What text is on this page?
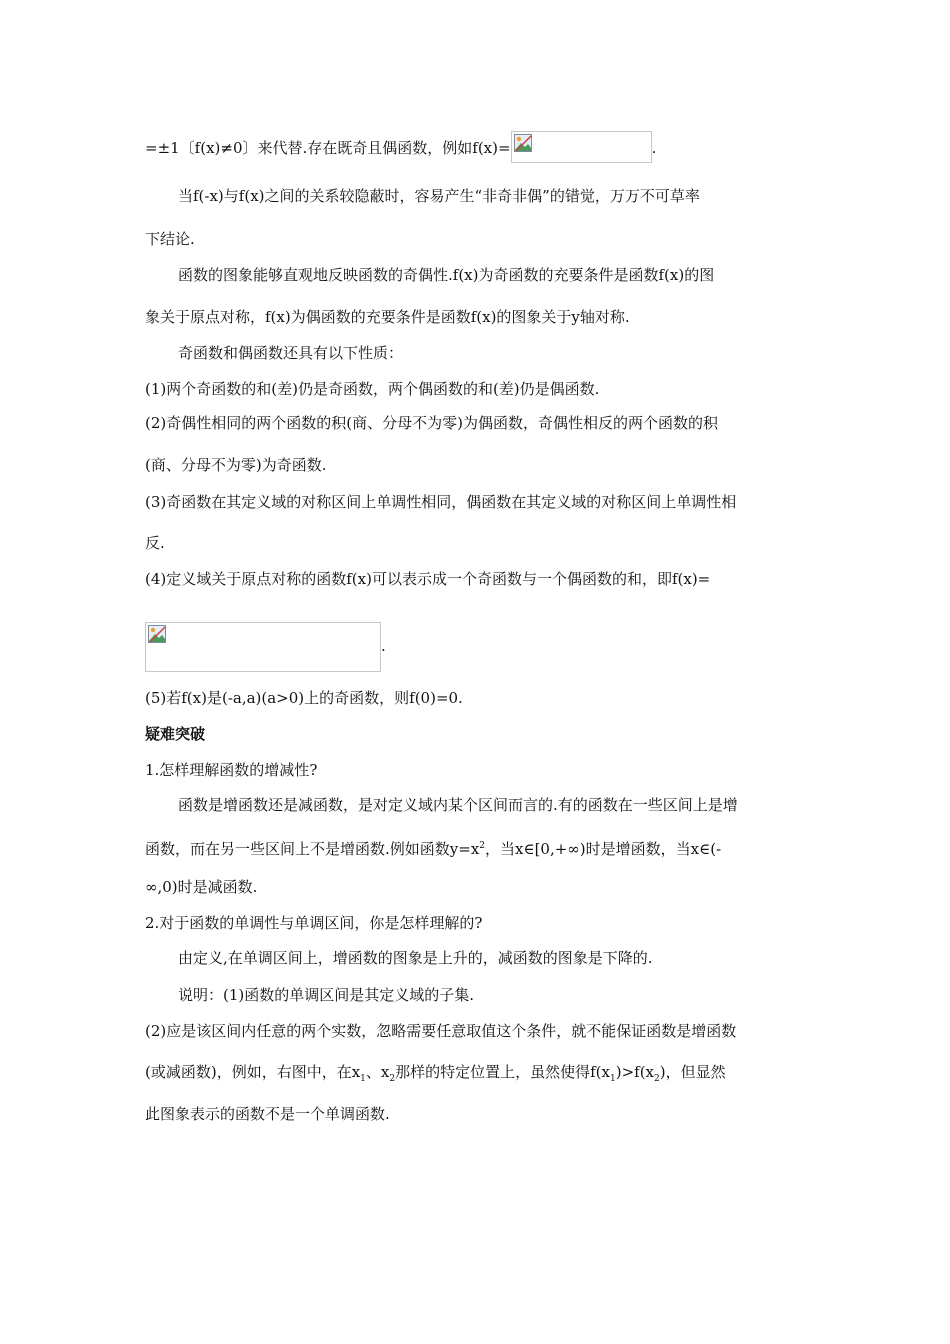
=±1〔f(x)≠0〕来代替.存在既奇且偶函数，例如f(x)=	.
当f(-x)与f(x)之间的关系较隐蔽时，容易产生“非奇非偶”的错觉，万万不可草率
下结论.
函数的图象能够直观地反映函数的奇偶性.f(x)为奇函数的充要条件是函数f(x)的图
象关于原点对称，f(x)为偶函数的充要条件是函数f(x)的图象关于y轴对称.
奇函数和偶函数还具有以下性质：
(1)两个奇函数的和(差)仍是奇函数，两个偶函数的和(差)仍是偶函数.
(2)奇偶性相同的两个函数的积(商、分母不为零)为偶函数，奇偶性相反的两个函数的积
(商、分母不为零)为奇函数.
(3)奇函数在其定义域的对称区间上单调性相同，偶函数在其定义域的对称区间上单调性相
反.
(4)定义域关于原点对称的函数f(x)可以表示成一个奇函数与一个偶函数的和，即f(x)=
.
(5)若f(x)是(-a,a)(a>0)上的奇函数，则f(0)=0.
疑难突破
1.怎样理解函数的增减性?
函数是增函数还是减函数，是对定义域内某个区间而言的.有的函数在一些区间上是增
函数，而在另一些区间上不是增函数.例如函数$y=x^2$，当x∈[0,+∞)时是增函数，当x∈(-
∞,0)时是减函数.
2.对于函数的单调性与单调区间，你是怎样理解的?
由定义,在单调区间上，增函数的图象是上升的，减函数的图象是下降的.
说明：(1)函数的单调区间是其定义域的子集.
(2)应是该区间内任意的两个实数，忽略需要任意取值这个条件，就不能保证函数是增函数
(或减函数)，例如，右图中，在$x_1$、$x_2$那样的特定位置上，虽然使得$f(x_1)>f(x_2)$，但显然
此图象表示的函数不是一个单调函数.
